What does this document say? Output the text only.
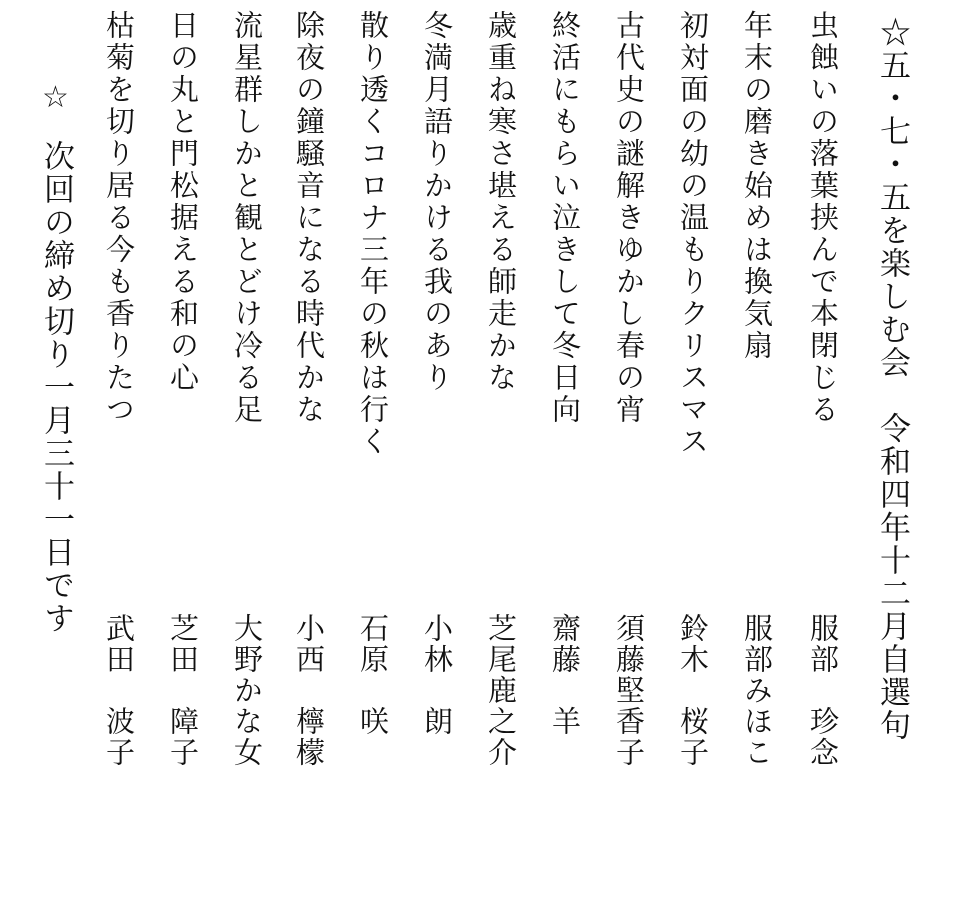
☆五・七・五を楽しむ会　令和四年十二月自選句
虫蝕いの落葉挟んで本閉じる
服部　珍念
年末の磨き始めは換気扇
服部みほこ
初対面の幼の温もりクリスマス
鈴木　桜子
古代史の謎解きゆかし春の宵
須藤堅香子
終活にもらい泣きして冬日向
齋藤　羊
歳重ね寒さ堪える師走かな
芝尾鹿之介
冬満月語りかける我のあり
小林　朗
散り透くコロナ三年の秋は行く
石原　咲
除夜の鐘騒音になる時代かな
小西　檸檬
流星群しかと観とどけ冷る足
大野かな女
日の丸と門松据える和の心
芝田　障子
枯菊を切り居る今も香りたつ
武田　波子
☆
次回の締め切り一月三十一日です
